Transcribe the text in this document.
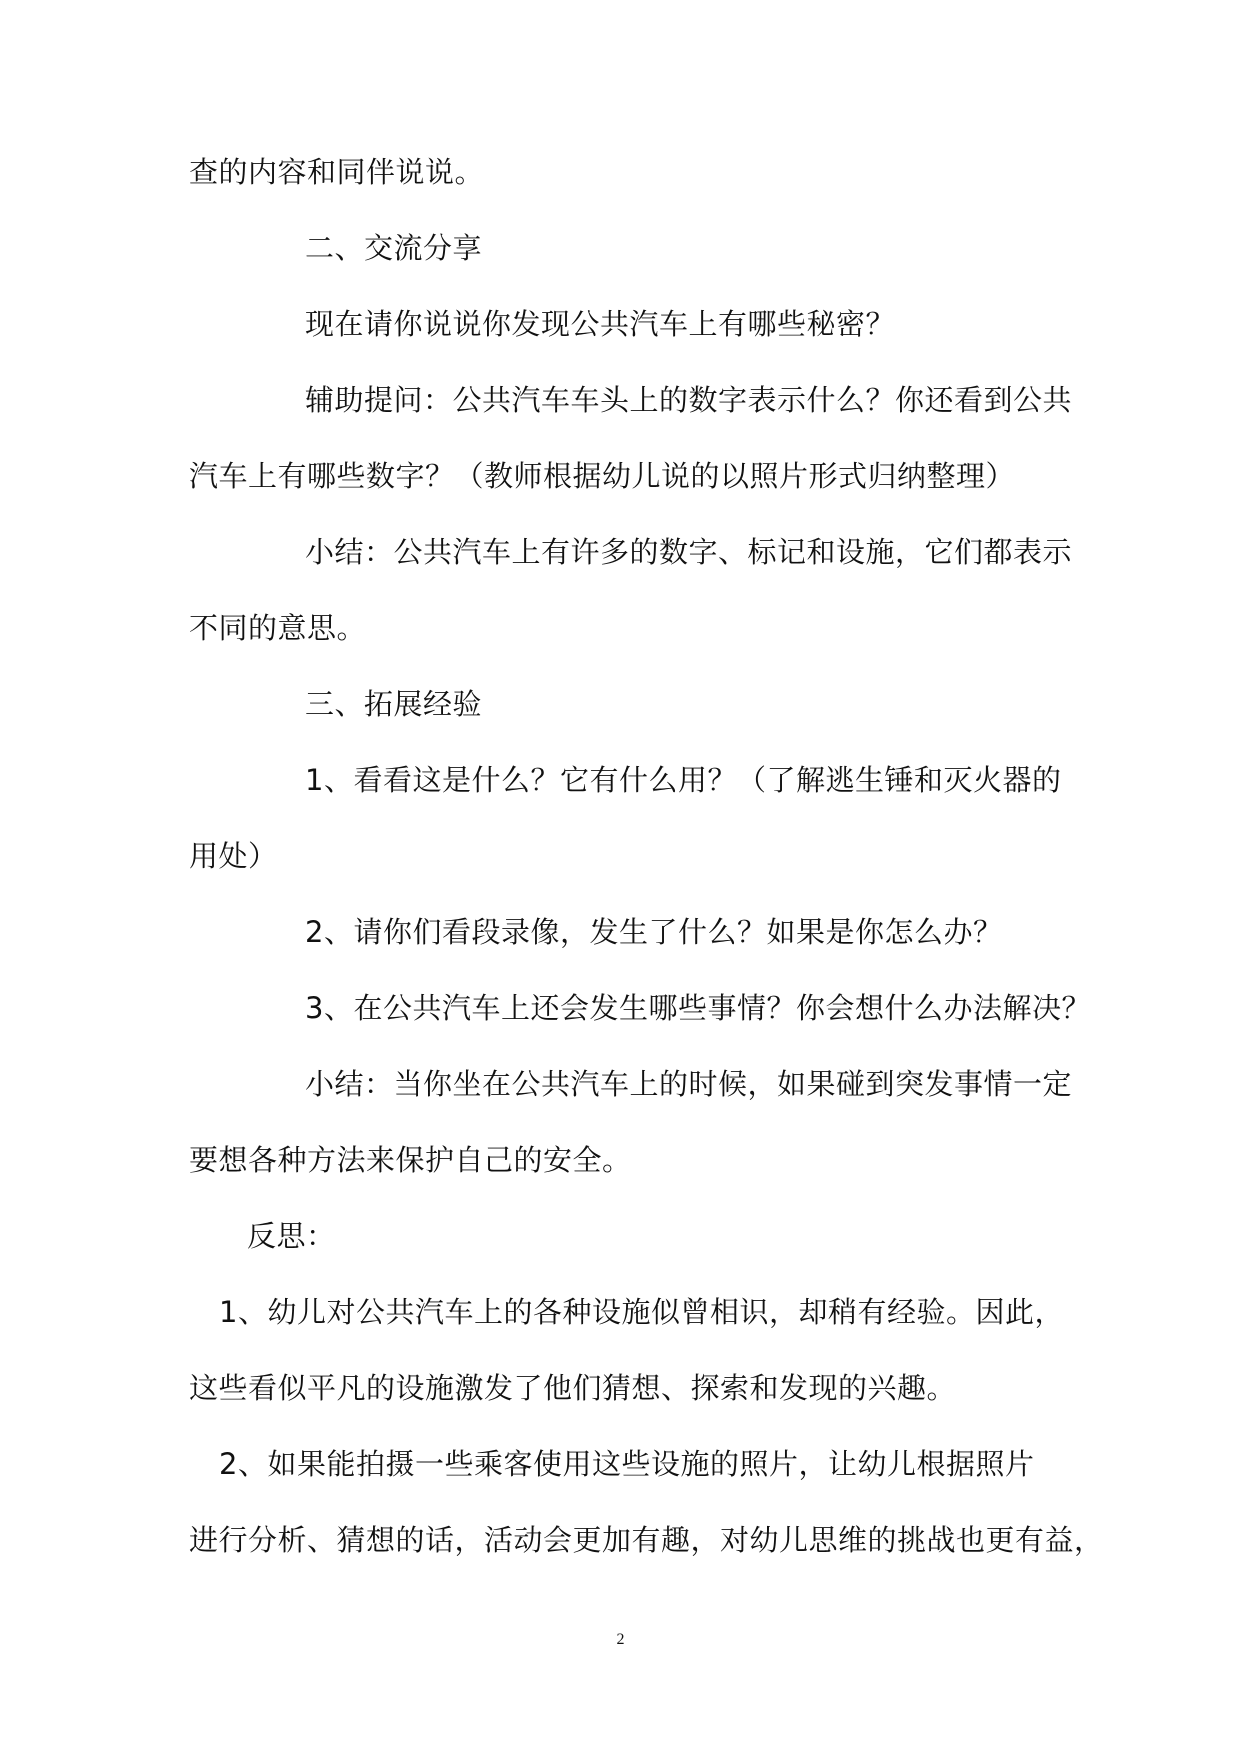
查的内容和同伴说说。
二、交流分享
现在请你说说你发现公共汽车上有哪些秘密？
辅助提问：公共汽车车头上的数字表示什么？你还看到公共
汽车上有哪些数字？（教师根据幼儿说的以照片形式归纳整理）
小结：公共汽车上有许多的数字、标记和设施，它们都表示
不同的意思。
三、拓展经验
1、看看这是什么？它有什么用？（了解逃生锤和灭火器的
用处）
2、请你们看段录像，发生了什么？如果是你怎么办？
3、在公共汽车上还会发生哪些事情？你会想什么办法解决？
小结：当你坐在公共汽车上的时候，如果碰到突发事情一定
要想各种方法来保护自己的安全。
反思：
1、幼儿对公共汽车上的各种设施似曾相识，却稍有经验。因此，
这些看似平凡的设施激发了他们猜想、探索和发现的兴趣。
2、如果能拍摄一些乘客使用这些设施的照片，让幼儿根据照片
进行分析、猜想的话，活动会更加有趣，对幼儿思维的挑战也更有益，
2
